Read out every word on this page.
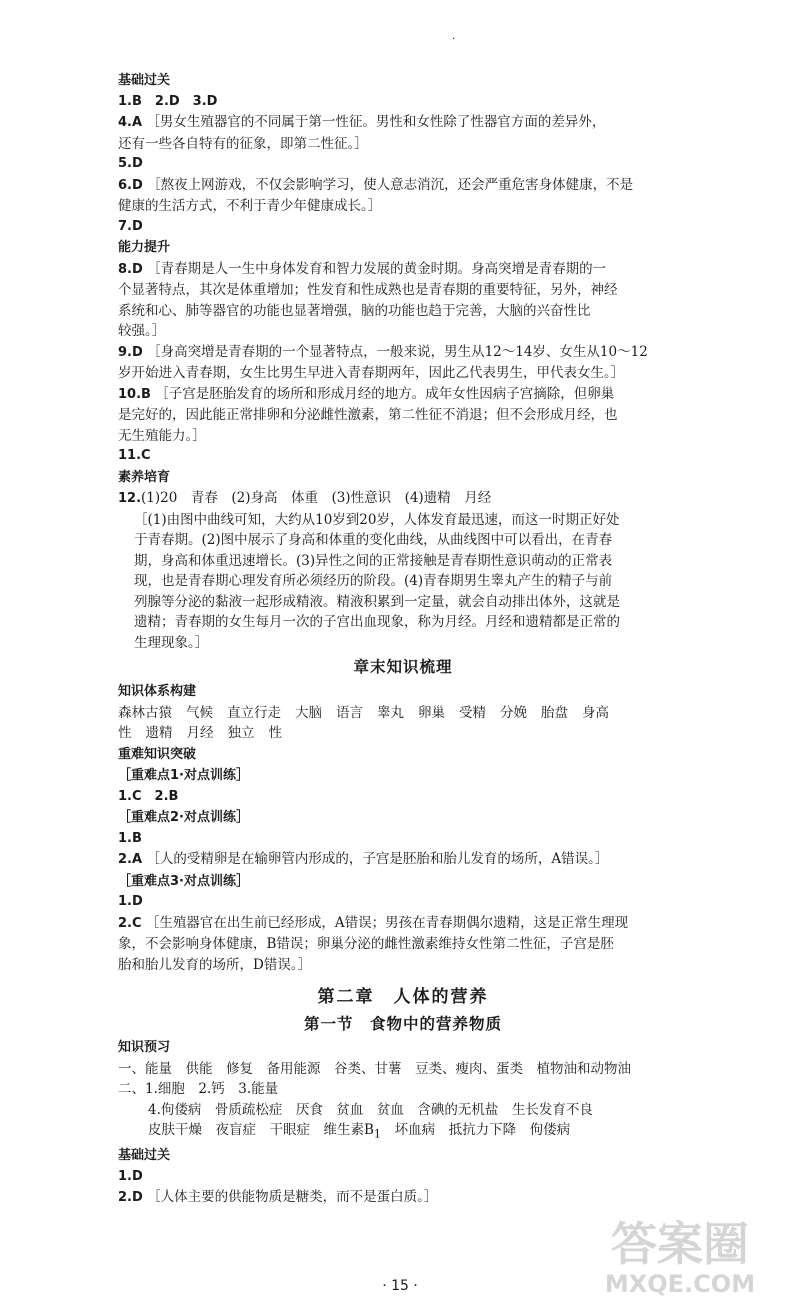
·
基础过关
1.B　2.D　3.D
4.A ［男女生殖器官的不同属于第一性征。男性和女性除了性器官方面的差异外，
还有一些各自特有的征象，即第二性征。］
5.D
6.D ［熬夜上网游戏，不仅会影响学习，使人意志消沉，还会严重危害身体健康，不是
健康的生活方式，不利于青少年健康成长。］
7.D
能力提升
8.D ［青春期是人一生中身体发育和智力发展的黄金时期。身高突增是青春期的一
个显著特点，其次是体重增加；性发育和性成熟也是青春期的重要特征，另外，神经
系统和心、肺等器官的功能也显著增强，脑的功能也趋于完善，大脑的兴奋性比
较强。］
9.D ［身高突增是青春期的一个显著特点，一般来说，男生从12～14岁、女生从10～12
岁开始进入青春期，女生比男生早进入青春期两年，因此乙代表男生，甲代表女生。］
10.B ［子宫是胚胎发育的场所和形成月经的地方。成年女性因病子宫摘除，但卵巢
是完好的，因此能正常排卵和分泌雌性激素，第二性征不消退；但不会形成月经，也
无生殖能力。］
11.C
素养培育
12.(1)20　青春　(2)身高　体重　(3)性意识　(4)遗精　月经
［(1)由图中曲线可知，大约从10岁到20岁，人体发育最迅速，而这一时期正好处
于青春期。(2)图中展示了身高和体重的变化曲线，从曲线图中可以看出，在青春
期，身高和体重迅速增长。(3)异性之间的正常接触是青春期性意识萌动的正常表
现，也是青春期心理发育所必须经历的阶段。(4)青春期男生睾丸产生的精子与前
列腺等分泌的黏液一起形成精液。精液积累到一定量，就会自动排出体外，这就是
遗精；青春期的女生每月一次的子宫出血现象，称为月经。月经和遗精都是正常的
生理现象。］
章末知识梳理
知识体系构建
森林古猿 气候 直立行走 大脑 语言 睾丸 卵巢 受精 分娩 胎盘 身高
性 遗精 月经 独立 性
重难知识突破
［重难点1·对点训练］
1.C　2.B
［重难点2·对点训练］
1.B
2.A ［人的受精卵是在输卵管内形成的，子宫是胚胎和胎儿发育的场所，A错误。］
［重难点3·对点训练］
1.D
2.C ［生殖器官在出生前已经形成，A错误；男孩在青春期偶尔遗精，这是正常生理现
象，不会影响身体健康，B错误；卵巢分泌的雌性激素维持女性第二性征，子宫是胚
胎和胎儿发育的场所，D错误。］
第二章　人体的营养
第一节　食物中的营养物质
知识预习
一、能量　供能　修复　备用能源　谷类、甘薯　豆类、瘦肉、蛋类　植物油和动物油
二、1.细胞　2.钙　3.能量
4.佝偻病　骨质疏松症　厌食　贫血　贫血　含碘的无机盐　生长发育不良
皮肤干燥　夜盲症　干眼症　维生素$B_1$　坏血病　抵抗力下降　佝偻病
基础过关
1.D
2.D ［人体主要的供能物质是糖类，而不是蛋白质。］
· 15 ·
答案圈
MXQE.COM
